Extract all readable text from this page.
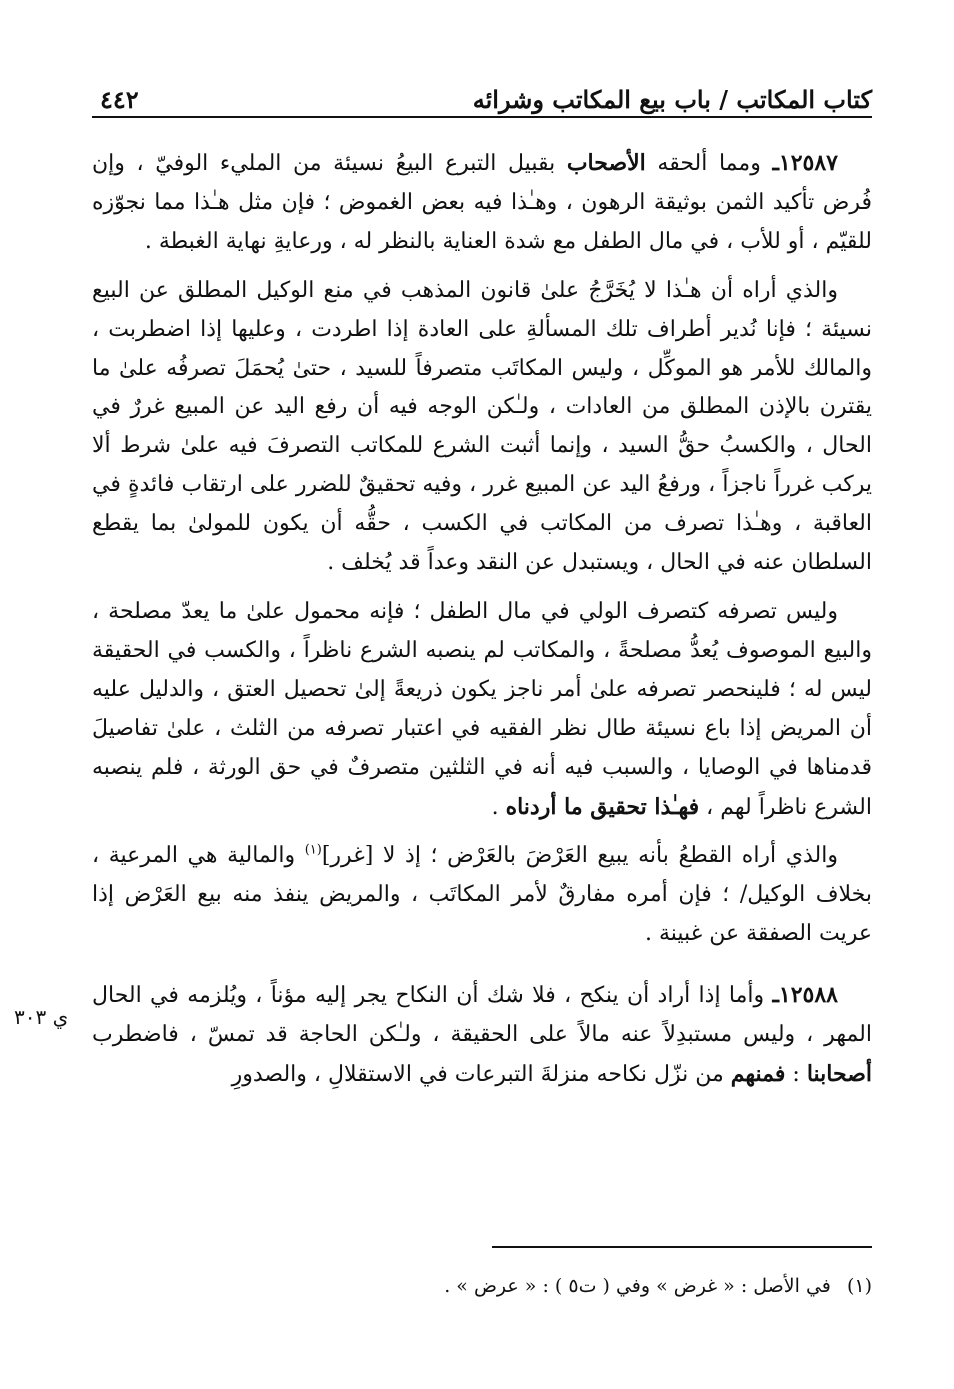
كتاب المكاتب / باب بيع المكاتب وشرائه
٤٤٢

١٢٥٨٧ـ ومما ألحقه الأصحاب بقبيل التبرع البيعُ نسيئة من المليء الوفيّ ، وإن فُرض تأكيد الثمن بوثيقة الرهون ، وهـٰذا فيه بعض الغموض ؛ فإن مثل هـٰذا مما نجوّزه للقيّم ، أو للأب ، في مال الطفل مع شدة العناية بالنظر له ، ورعايةِ نهاية الغبطة .

والذي أراه أن هـٰذا لا يُخَرَّجُ علىٰ قانون المذهب في منع الوكيل المطلق عن البيع نسيئة ؛ فإنا نُدير أطراف تلك المسألةِ على العادة إذا اطردت ، وعليها إذا اضطربت ، والمالك للأمر هو الموكِّل ، وليس المكاتَب متصرفاً للسيد ، حتىٰ يُحمَلَ تصرفُه علىٰ ما يقترن بالإذن المطلق من العادات ، ولـٰكن الوجه فيه أن رفع اليد عن المبيع غررٌ في الحال ، والكسبُ حقُّ السيد ، وإنما أثبت الشرع للمكاتب التصرفَ فيه علىٰ شرط ألا يركب غرراً ناجزاً ، ورفعُ اليد عن المبيع غرر ، وفيه تحقيقٌ للضرر على ارتقاب فائدةٍ في العاقبة ، وهـٰذا تصرف من المكاتب في الكسب ، حقُّه أن يكون للمولىٰ بما يقطع السلطان عنه في الحال ، ويستبدل عن النقد وعداً قد يُخلف .

وليس تصرفه كتصرف الولي في مال الطفل ؛ فإنه محمول علىٰ ما يعدّ مصلحة ، والبيع الموصوف يُعدُّ مصلحةً ، والمكاتب لم ينصبه الشرع ناظراً ، والكسب في الحقيقة ليس له ؛ فلينحصر تصرفه علىٰ أمر ناجز يكون ذريعةً إلىٰ تحصيل العتق ، والدليل عليه أن المريض إذا باع نسيئة طال نظر الفقيه في اعتبار تصرفه من الثلث ، علىٰ تفاصيلَ قدمناها في الوصايا ، والسبب فيه أنه في الثلثين متصرفٌ في حق الورثة ، فلم ينصبه الشرع ناظراً لهم ، فهـٰذا تحقيق ما أردناه .

والذي أراه القطعُ بأنه يبيع العَرْضَ بالعَرْض ؛ إذ لا [غرر]$^{(١)}$ والمالية هي المرعية ، بخلاف الوكيل/ ؛ فإن أمره مفارقٌ لأمر المكاتَب ، والمريض ينفذ منه بيع العَرْض إذا عريت الصفقة عن غبينة .

١٢٥٨٨ـ وأما إذا أراد أن ينكح ، فلا شك أن النكاح يجر إليه مؤناً ، ويُلزمه في الحال المهر ، وليس مستبدِلاً عنه مالاً على الحقيقة ، ولـٰكن الحاجة قد تمسّ ، فاضطرب أصحابنا : فمنهم من نزّل نكاحه منزلةَ التبرعات في الاستقلالِ ، والصدورِ

ي ٣٠٣
(١) في الأصل : « غرض » وفي ( ت٥ ) : « عرض » .
